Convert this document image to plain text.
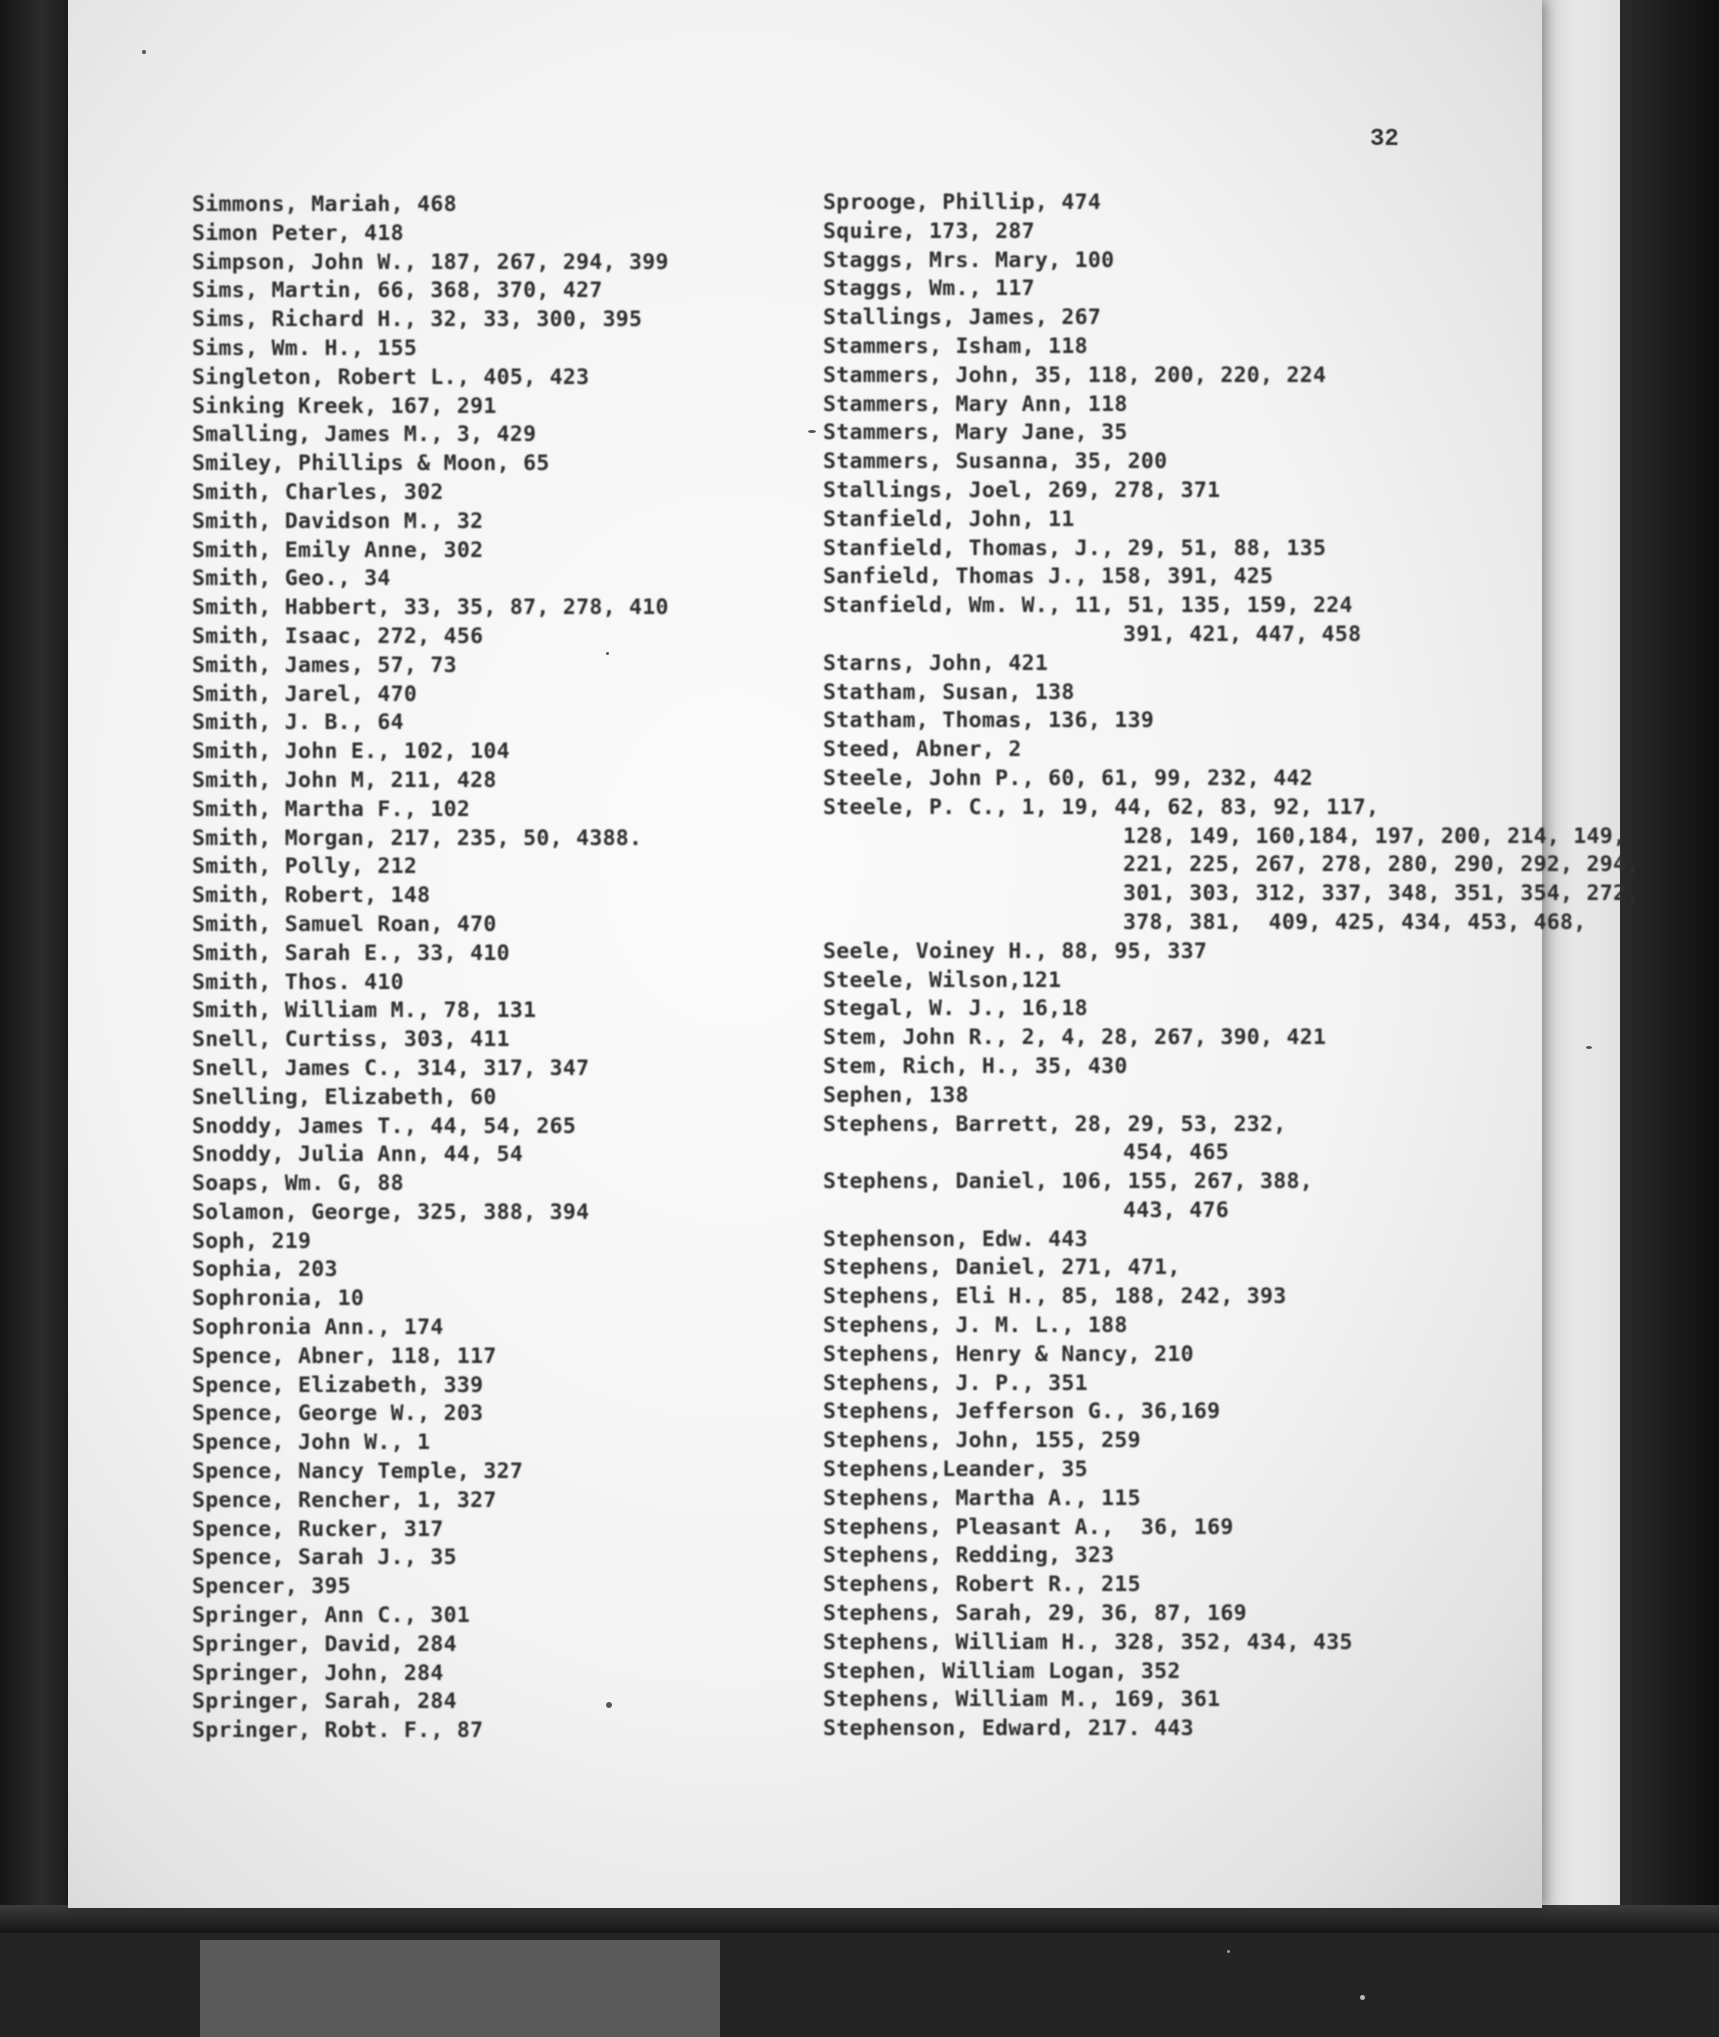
32
Simmons, Mariah, 468
Simon Peter, 418
Simpson, John W., 187, 267, 294, 399
Sims, Martin, 66, 368, 370, 427
Sims, Richard H., 32, 33, 300, 395
Sims, Wm. H., 155
Singleton, Robert L., 405, 423
Sinking Kreek, 167, 291
Smalling, James M., 3, 429
Smiley, Phillips & Moon, 65
Smith, Charles, 302
Smith, Davidson M., 32
Smith, Emily Anne, 302
Smith, Geo., 34
Smith, Habbert, 33, 35, 87, 278, 410
Smith, Isaac, 272, 456
Smith, James, 57, 73
Smith, Jarel, 470
Smith, J. B., 64
Smith, John E., 102, 104
Smith, John M, 211, 428
Smith, Martha F., 102
Smith, Morgan, 217, 235, 50, 4388.
Smith, Polly, 212
Smith, Robert, 148
Smith, Samuel Roan, 470
Smith, Sarah E., 33, 410
Smith, Thos. 410
Smith, William M., 78, 131
Snell, Curtiss, 303, 411
Snell, James C., 314, 317, 347
Snelling, Elizabeth, 60
Snoddy, James T., 44, 54, 265
Snoddy, Julia Ann, 44, 54
Soaps, Wm. G, 88
Solamon, George, 325, 388, 394
Soph, 219
Sophia, 203
Sophronia, 10
Sophronia Ann., 174
Spence, Abner, 118, 117
Spence, Elizabeth, 339
Spence, George W., 203
Spence, John W., 1
Spence, Nancy Temple, 327
Spence, Rencher, 1, 327
Spence, Rucker, 317
Spence, Sarah J., 35
Spencer, 395
Springer, Ann C., 301
Springer, David, 284
Springer, John, 284
Springer, Sarah, 284
Springer, Robt. F., 87
Sprooge, Phillip, 474
Squire, 173, 287
Staggs, Mrs. Mary, 100
Staggs, Wm., 117
Stallings, James, 267
Stammers, Isham, 118
Stammers, John, 35, 118, 200, 220, 224
Stammers, Mary Ann, 118
Stammers, Mary Jane, 35
Stammers, Susanna, 35, 200
Stallings, Joel, 269, 278, 371
Stanfield, John, 11
Stanfield, Thomas, J., 29, 51, 88, 135
Sanfield, Thomas J., 158, 391, 425
Stanfield, Wm. W., 11, 51, 135, 159, 224
391, 421, 447, 458
Starns, John, 421
Statham, Susan, 138
Statham, Thomas, 136, 139
Steed, Abner, 2
Steele, John P., 60, 61, 99, 232, 442
Steele, P. C., 1, 19, 44, 62, 83, 92, 117,
128, 149, 160,184, 197, 200, 214, 149,
221, 225, 267, 278, 280, 290, 292, 294,
301, 303, 312, 337, 348, 351, 354, 272,
378, 381,  409, 425, 434, 453, 468,
Seele, Voiney H., 88, 95, 337
Steele, Wilson,121
Stegal, W. J., 16,18
Stem, John R., 2, 4, 28, 267, 390, 421
Stem, Rich, H., 35, 430
Sephen, 138
Stephens, Barrett, 28, 29, 53, 232,
454, 465
Stephens, Daniel, 106, 155, 267, 388,
443, 476
Stephenson, Edw. 443
Stephens, Daniel, 271, 471,
Stephens, Eli H., 85, 188, 242, 393
Stephens, J. M. L., 188
Stephens, Henry & Nancy, 210
Stephens, J. P., 351
Stephens, Jefferson G., 36,169
Stephens, John, 155, 259
Stephens,Leander, 35
Stephens, Martha A., 115
Stephens, Pleasant A.,  36, 169
Stephens, Redding, 323
Stephens, Robert R., 215
Stephens, Sarah, 29, 36, 87, 169
Stephens, William H., 328, 352, 434, 435
Stephen, William Logan, 352
Stephens, William M., 169, 361
Stephenson, Edward, 217. 443
